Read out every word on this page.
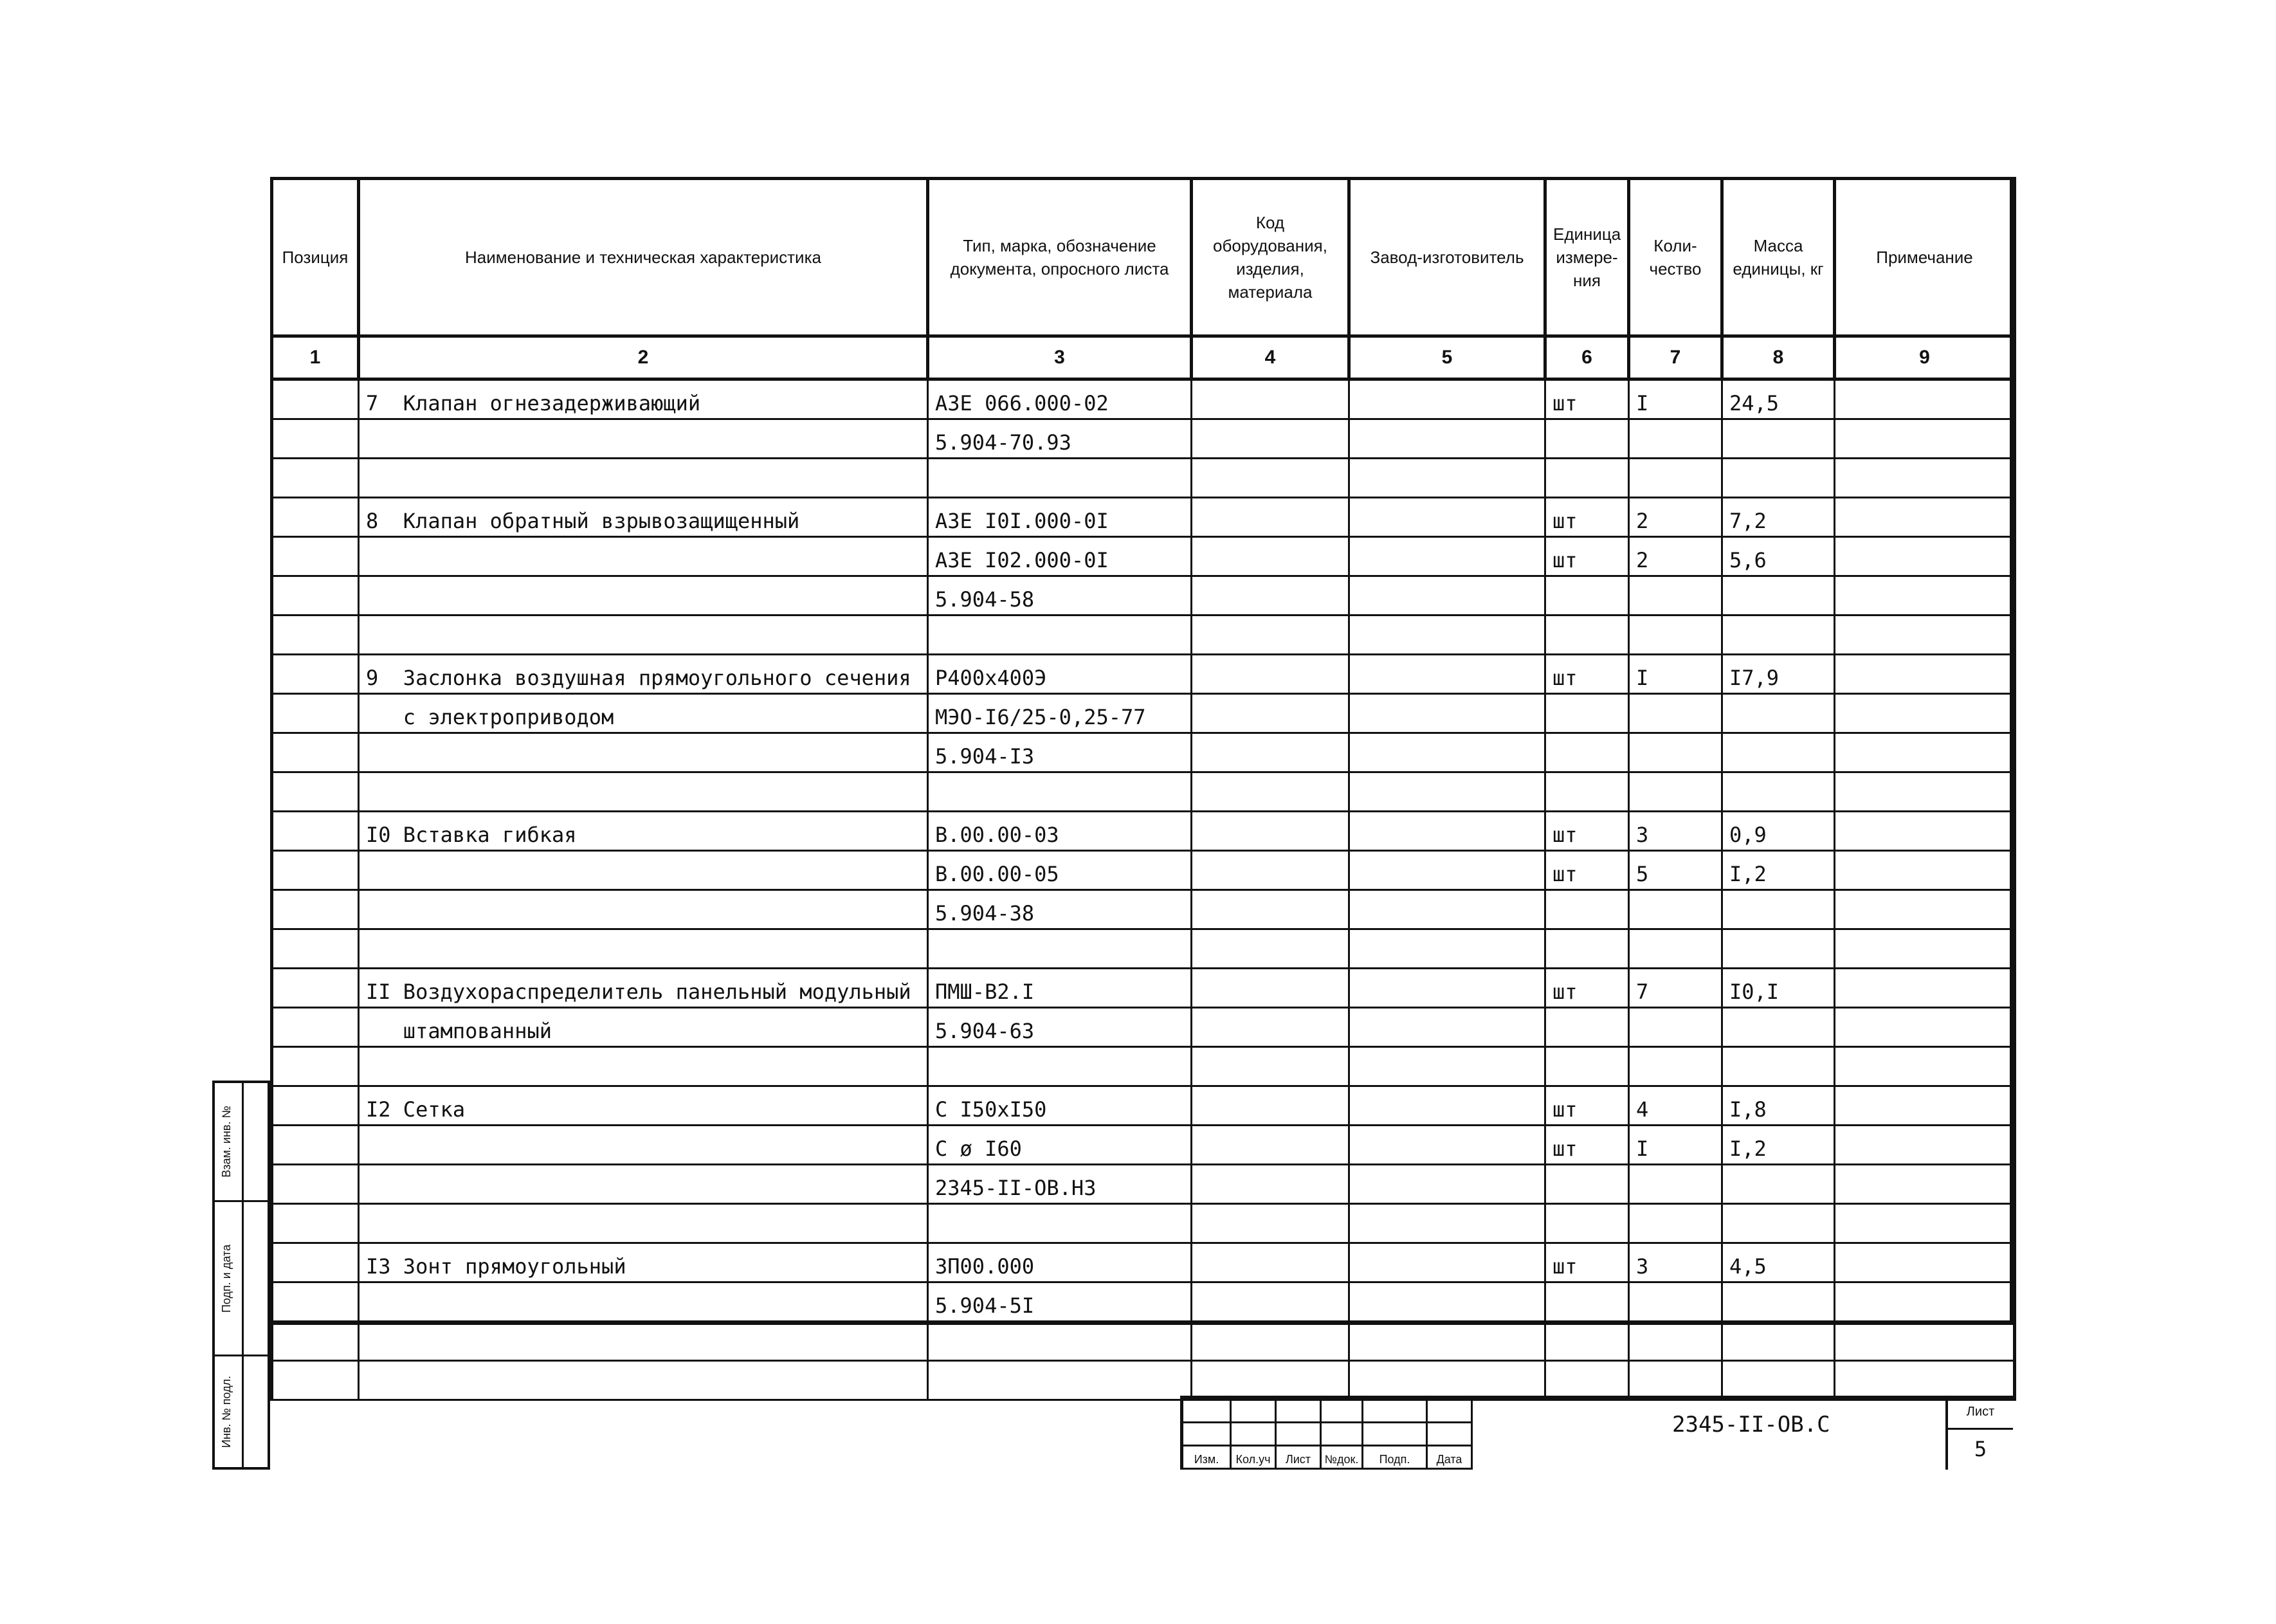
Позиция	Наименование и техническая характеристика	Тип, марка, обозначение документа, опросного листа	Код оборудования, изделия, материала	Завод-изготовитель	Единица измере-ния	Коли-чество	Масса единицы, кг	Примечание
1	2	3	4	5	6	7	8	9
	7  Клапан огнезадерживающий	АЗЕ 066.000-02			шт	I	24,5	
		5.904-70.93						

	8  Клапан обратный взрывозащищенный	АЗЕ I0I.000-0I			шт	2	7,2	
		АЗЕ I02.000-0I			шт	2	5,6	
		5.904-58						

	9  Заслонка воздушная прямоугольного сечения	Р400х400Э			шт	I	I7,9	
	с электроприводом	МЭО-I6/25-0,25-77						
		5.904-I3						

	I0 Вставка гибкая	В.00.00-03			шт	3	0,9	
		В.00.00-05			шт	5	I,2	
		5.904-38						

	II Воздухораспределитель панельный модульный	ПМШ-В2.I			шт	7	I0,I	
	штампованный	5.904-63						

	I2 Сетка	С I50хI50			шт	4	I,8	
		С ø I60			шт	I	I,2	
		2345-II-ОВ.Н3						

	I3 Зонт прямоугольный	3П00.000			шт	3	4,5	
		5.904-5I						

Взам. инв. №
Подп. и дата
Инв. № подл.
Изм.	Кол.уч	Лист	№док.	Подп.	Дата
2345-II-ОВ.С	Лист
5
